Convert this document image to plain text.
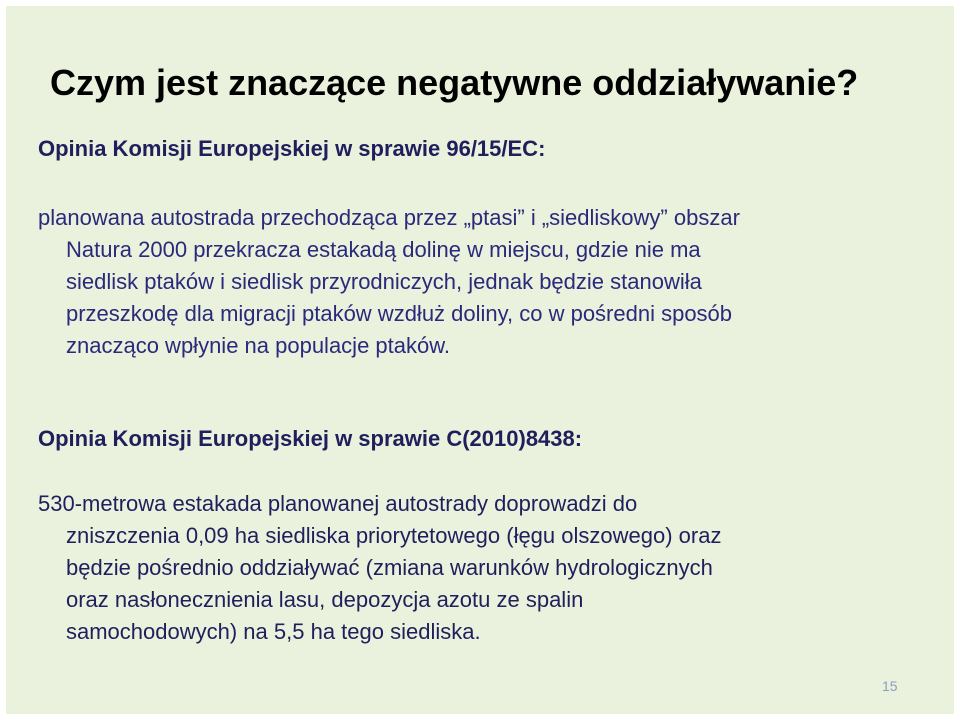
Czym jest znaczące negatywne oddziaływanie?
Opinia Komisji Europejskiej w sprawie 96/15/EC:

planowana autostrada przechodząca przez „ptasi” i „siedliskowy” obszar
Natura 2000 przekracza estakadą dolinę w miejscu, gdzie nie ma
siedlisk ptaków i siedlisk przyrodniczych, jednak będzie stanowiła
przeszkodę dla migracji ptaków wzdłuż doliny, co w pośredni sposób
znacząco wpłynie na populacje ptaków.

Opinia Komisji Europejskiej w sprawie C(2010)8438:

530-metrowa estakada planowanej autostrady doprowadzi do
zniszczenia 0,09 ha siedliska priorytetowego (łęgu olszowego) oraz
będzie pośrednio oddziaływać (zmiana warunków hydrologicznych
oraz nasłonecznienia lasu, depozycja azotu ze spalin
samochodowych) na 5,5 ha tego siedliska.

15
